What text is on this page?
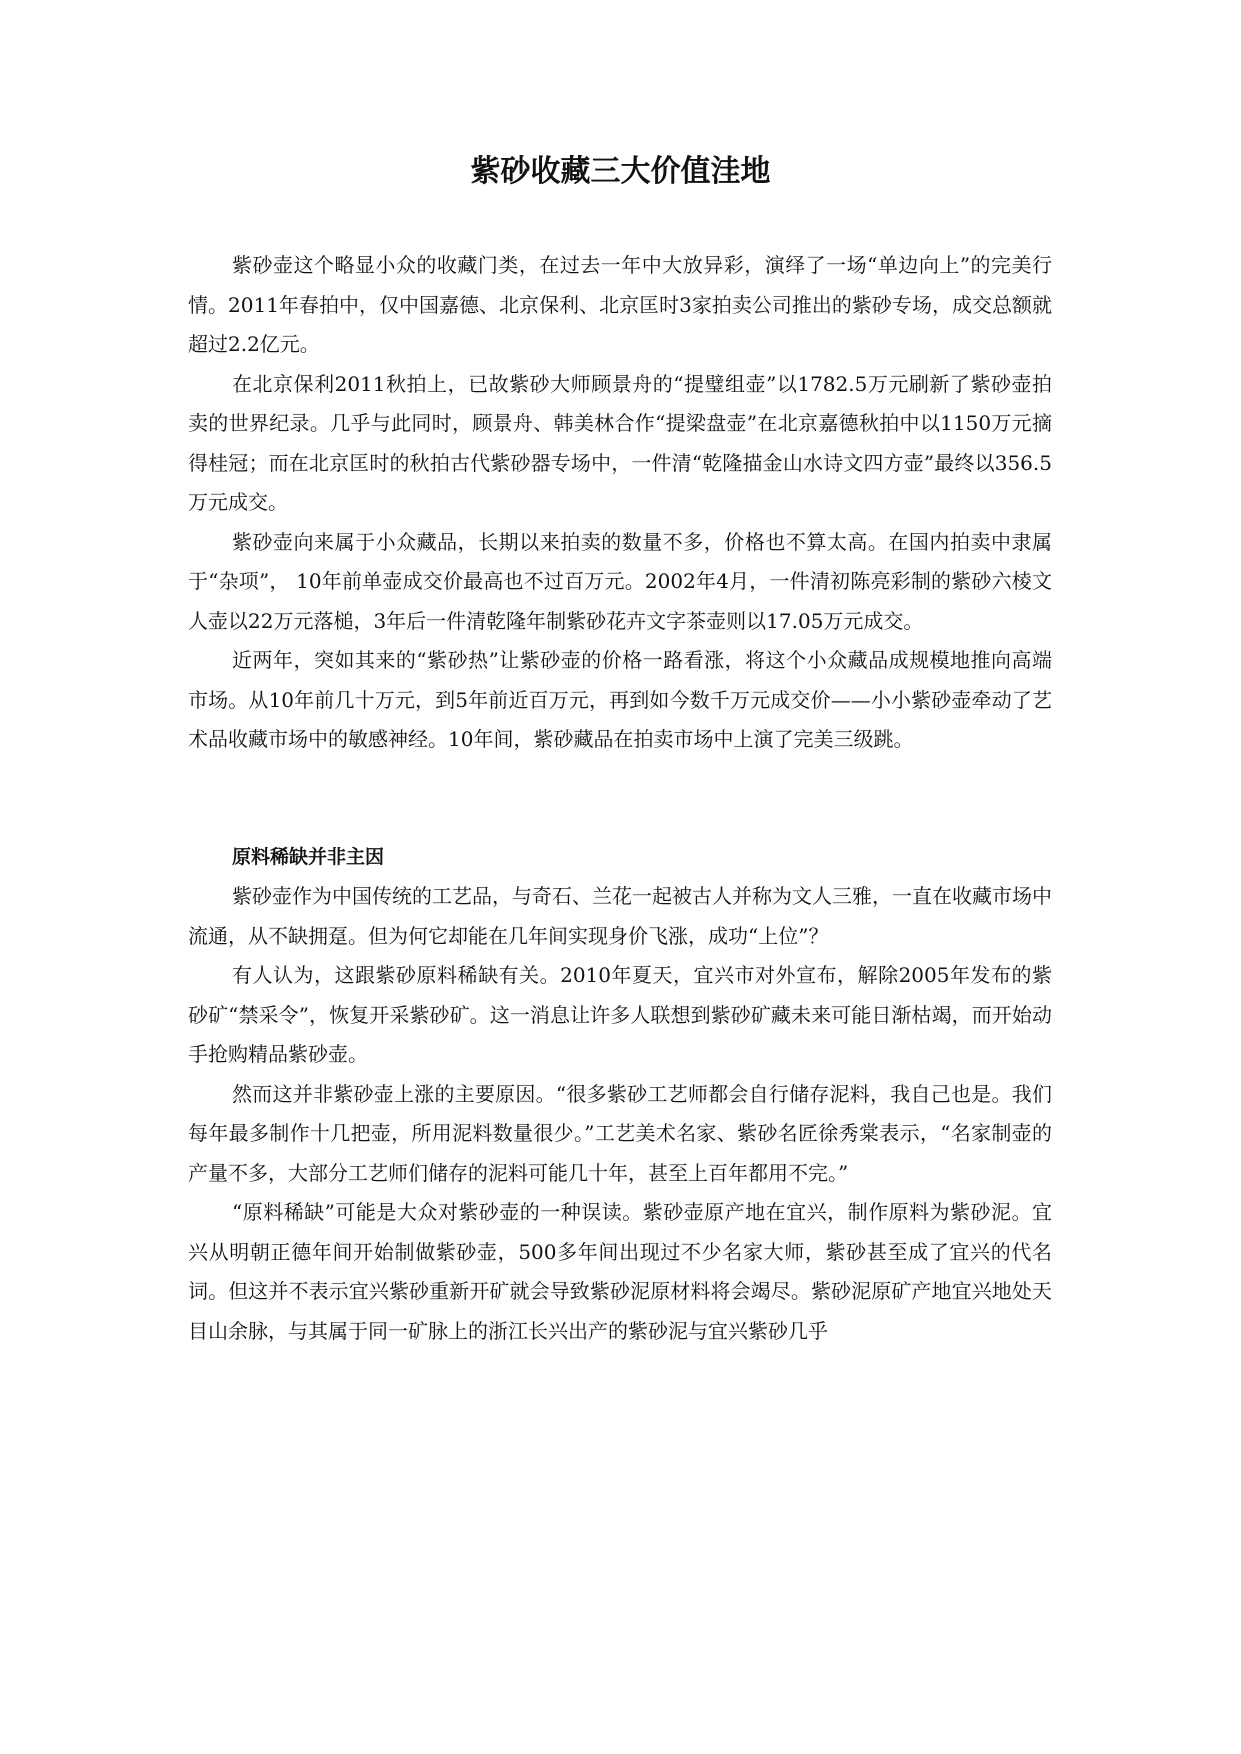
紫砂收藏三大价值洼地

紫砂壶这个略显小众的收藏门类，在过去一年中大放异彩，演绎了一场“单边向上”的完美行情。2011年春拍中，仅中国嘉德、北京保利、北京匡时3家拍卖公司推出的紫砂专场，成交总额就超过2.2亿元。

在北京保利2011秋拍上，已故紫砂大师顾景舟的“提璧组壶”以1782.5万元刷新了紫砂壶拍卖的世界纪录。几乎与此同时，顾景舟、韩美林合作“提梁盘壶”在北京嘉德秋拍中以1150万元摘得桂冠；而在北京匡时的秋拍古代紫砂器专场中，一件清“乾隆描金山水诗文四方壶”最终以356.5万元成交。

紫砂壶向来属于小众藏品，长期以来拍卖的数量不多，价格也不算太高。在国内拍卖中隶属于“杂项”， 10年前单壶成交价最高也不过百万元。2002年4月，一件清初陈亮彩制的紫砂六棱文人壶以22万元落槌，3年后一件清乾隆年制紫砂花卉文字茶壶则以17.05万元成交。

近两年，突如其来的“紫砂热”让紫砂壶的价格一路看涨，将这个小众藏品成规模地推向高端市场。从10年前几十万元，到5年前近百万元，再到如今数千万元成交价——小小紫砂壶牵动了艺术品收藏市场中的敏感神经。10年间，紫砂藏品在拍卖市场中上演了完美三级跳。

原料稀缺并非主因

紫砂壶作为中国传统的工艺品，与奇石、兰花一起被古人并称为文人三雅，一直在收藏市场中流通，从不缺拥趸。但为何它却能在几年间实现身价飞涨，成功“上位”？

有人认为，这跟紫砂原料稀缺有关。2010年夏天，宜兴市对外宣布，解除2005年发布的紫砂矿“禁采令”，恢复开采紫砂矿。这一消息让许多人联想到紫砂矿藏未来可能日渐枯竭，而开始动手抢购精品紫砂壶。

然而这并非紫砂壶上涨的主要原因。“很多紫砂工艺师都会自行储存泥料，我自己也是。我们每年最多制作十几把壶，所用泥料数量很少。”工艺美术名家、紫砂名匠徐秀棠表示，“名家制壶的产量不多，大部分工艺师们储存的泥料可能几十年，甚至上百年都用不完。”

“原料稀缺”可能是大众对紫砂壶的一种误读。紫砂壶原产地在宜兴，制作原料为紫砂泥。宜兴从明朝正德年间开始制做紫砂壶，500多年间出现过不少名家大师，紫砂甚至成了宜兴的代名词。但这并不表示宜兴紫砂重新开矿就会导致紫砂泥原材料将会竭尽。紫砂泥原矿产地宜兴地处天目山余脉，与其属于同一矿脉上的浙江长兴出产的紫砂泥与宜兴紫砂几乎
